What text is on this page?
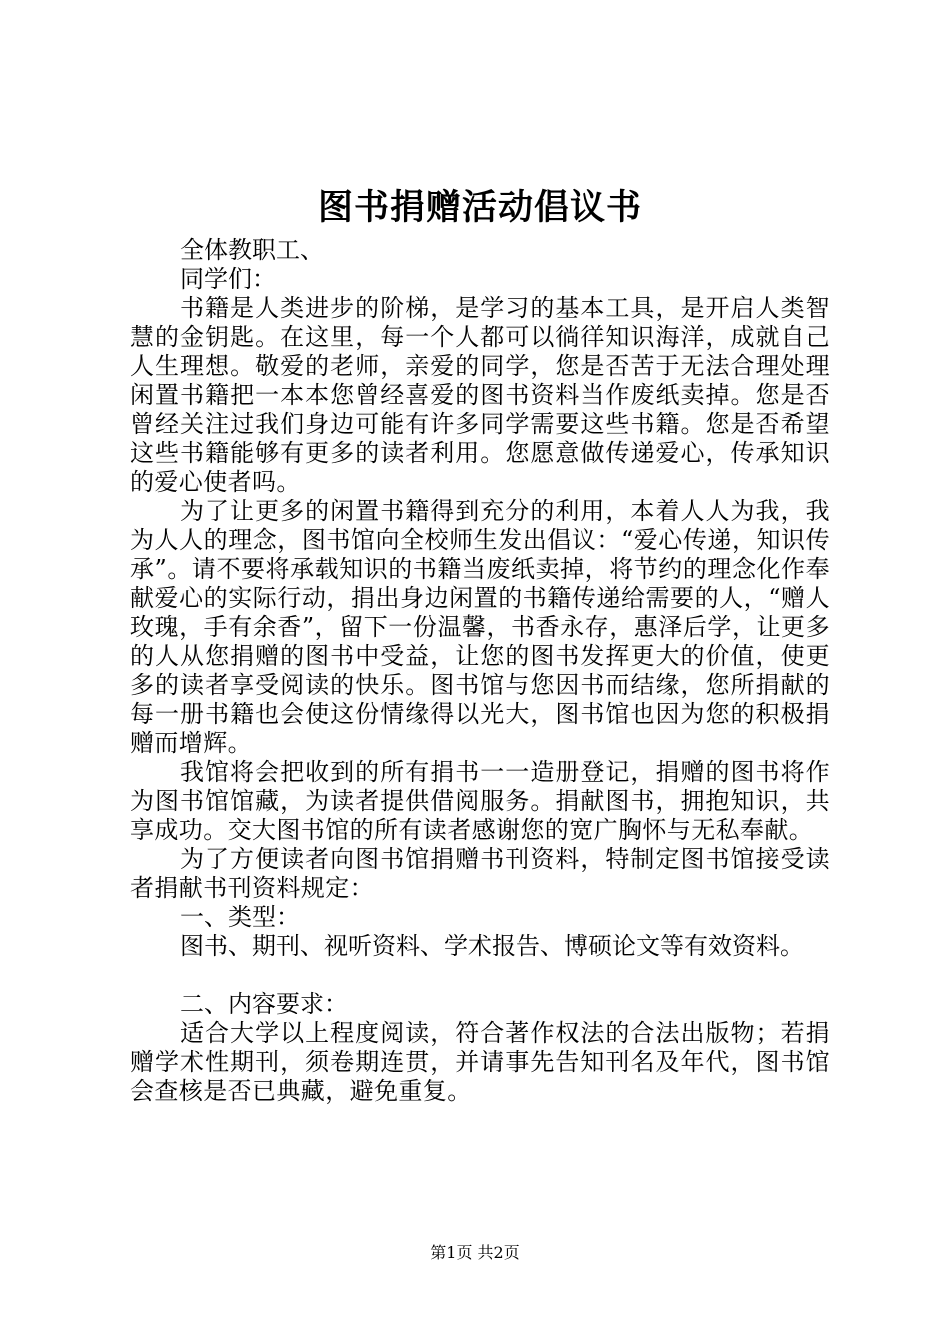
图书捐赠活动倡议书
全体教职工、
同学们：

书籍是人类进步的阶梯，是学习的基本工具，是开启人类智慧的金钥匙。在这里，每一个人都可以徜徉知识海洋，成就自己人生理想。敬爱的老师，亲爱的同学，您是否苦于无法合理处理闲置书籍把一本本您曾经喜爱的图书资料当作废纸卖掉。您是否曾经关注过我们身边可能有许多同学需要这些书籍。您是否希望这些书籍能够有更多的读者利用。您愿意做传递爱心，传承知识的爱心使者吗。

为了让更多的闲置书籍得到充分的利用，本着人人为我，我为人人的理念，图书馆向全校师生发出倡议：“爱心传递，知识传承”。请不要将承载知识的书籍当废纸卖掉，将节约的理念化作奉献爱心的实际行动，捐出身边闲置的书籍传递给需要的人，“赠人玫瑰，手有余香”，留下一份温馨，书香永存，惠泽后学，让更多的人从您捐赠的图书中受益，让您的图书发挥更大的价值，使更多的读者享受阅读的快乐。图书馆与您因书而结缘，您所捐献的每一册书籍也会使这份情缘得以光大，图书馆也因为您的积极捐赠而增辉。

我馆将会把收到的所有捐书一一造册登记，捐赠的图书将作为图书馆馆藏，为读者提供借阅服务。捐献图书，拥抱知识，共享成功。交大图书馆的所有读者感谢您的宽广胸怀与无私奉献。

为了方便读者向图书馆捐赠书刊资料，特制定图书馆接受读者捐献书刊资料规定：

一、类型：
图书、期刊、视听资料、学术报告、博硕论文等有效资料。
二、内容要求：

适合大学以上程度阅读，符合著作权法的合法出版物；若捐赠学术性期刊，须卷期连贯，并请事先告知刊名及年代，图书馆会查核是否已典藏，避免重复。

第1页 共2页
